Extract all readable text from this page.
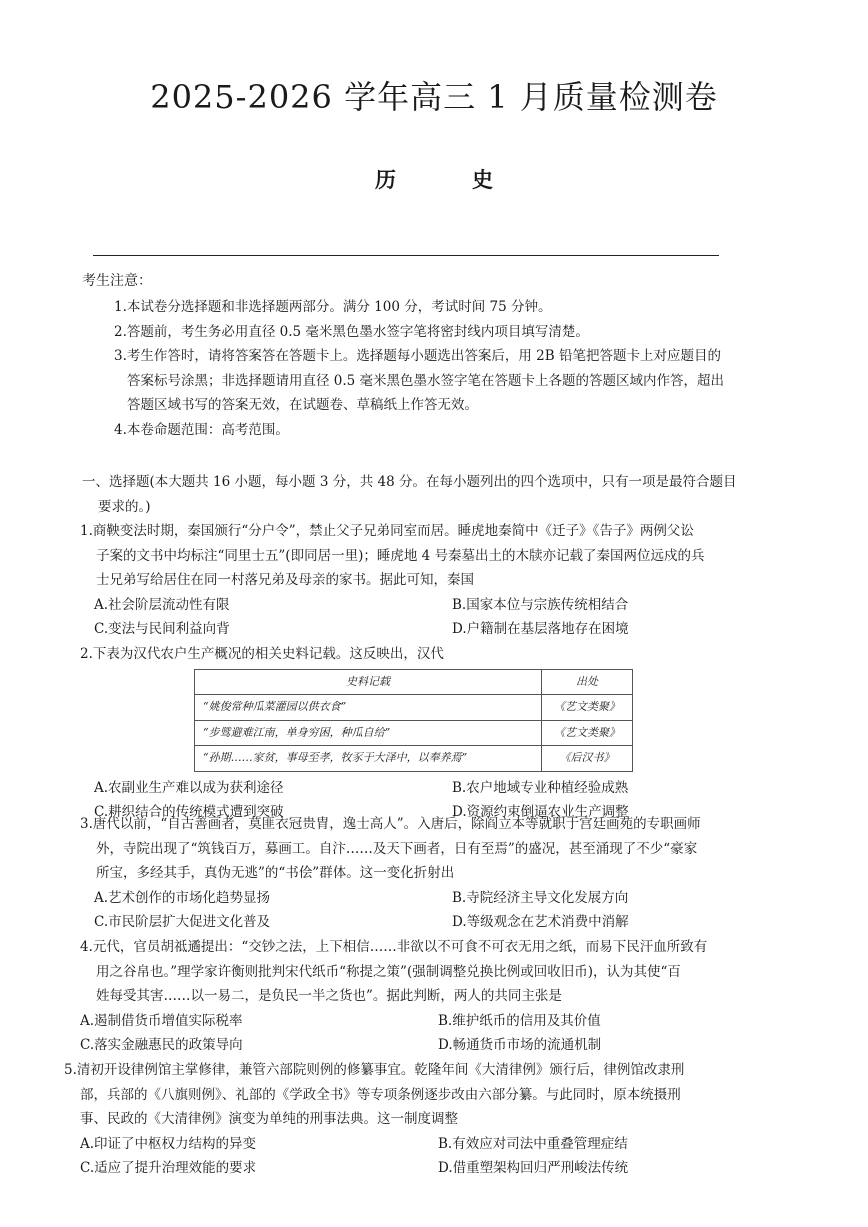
2025-2026 学年高三 1 月质量检测卷
历	史
考生注意：
1.本试卷分选择题和非选择题两部分。满分 100 分，考试时间 75 分钟。
2.答题前，考生务必用直径 0.5 毫米黑色墨水签字笔将密封线内项目填写清楚。
3.考生作答时，请将答案答在答题卡上。选择题每小题选出答案后，用 2B 铅笔把答题卡上对应题目的
答案标号涂黑；非选择题请用直径 0.5 毫米黑色墨水签字笔在答题卡上各题的答题区域内作答，超出
答题区域书写的答案无效，在试题卷、草稿纸上作答无效。
4.本卷命题范围：高考范围。
一、选择题(本大题共 16 小题，每小题 3 分，共 48 分。在每小题列出的四个选项中，只有一项是最符合题目
要求的。)

1.商鞅变法时期，秦国颁行“分户令”，禁止父子兄弟同室而居。睡虎地秦简中《迁子》《告子》两例父讼

子案的文书中均标注“同里士五”(即同居一里)；睡虎地 4 号秦墓出土的木牍亦记载了秦国两位远戍的兵

士兄弟写给居住在同一村落兄弟及母亲的家书。据此可知，秦国

A.社会阶层流动性有限	B.国家本位与宗族传统相结合
C.变法与民间利益向背	D.户籍制在基层落地存在困境

2.下表为汉代农户生产概况的相关史料记载。这反映出，汉代

史料记载	出处
“姚俊常种瓜菜灌园以供衣食”	《艺文类聚》
“步骘避难江南，单身穷困，种瓜自给”	《艺文类聚》
“孙期……家贫，事母至孝，牧豕于大泽中，以奉养焉”	《后汉书》
A.农副业生产难以成为获利途径	B.农户地域专业种植经验成熟
C.耕织结合的传统模式遭到突破	D.资源约束倒逼农业生产调整

3.唐代以前，“自古善画者，莫匪衣冠贵胄，逸士高人”。入唐后，除阎立本等就职于宫廷画苑的专职画师

外，寺院出现了“筑钱百万，募画工。自汴……及天下画者，日有至焉”的盛况，甚至涌现了不少“豪家

所宝，多经其手，真伪无逃”的“书侩”群体。这一变化折射出

A.艺术创作的市场化趋势显扬	B.寺院经济主导文化发展方向
C.市民阶层扩大促进文化普及	D.等级观念在艺术消费中消解

4.元代，官员胡祗遹提出：“交钞之法，上下相信……非欲以不可食不可衣无用之纸，而易下民汗血所致有

用之谷帛也。”理学家许衡则批判宋代纸币“称提之策”(强制调整兑换比例或回收旧币)，认为其使“百

姓每受其害……以一易二，是负民一半之货也”。据此判断，两人的共同主张是

A.遏制借货币增值实际税率	B.维护纸币的信用及其价值
C.落实金融惠民的政策导向	D.畅通货币市场的流通机制

5.清初开设律例馆主掌修律，兼管六部院则例的修纂事宜。乾隆年间《大清律例》颁行后，律例馆改隶刑

部，兵部的《八旗则例》、礼部的《学政全书》等专项条例逐步改由六部分纂。与此同时，原本统摄刑

事、民政的《大清律例》演变为单纯的刑事法典。这一制度调整

A.印证了中枢权力结构的异变	B.有效应对司法中重叠管理症结
C.适应了提升治理效能的要求	D.借重塑架构回归严刑峻法传统
